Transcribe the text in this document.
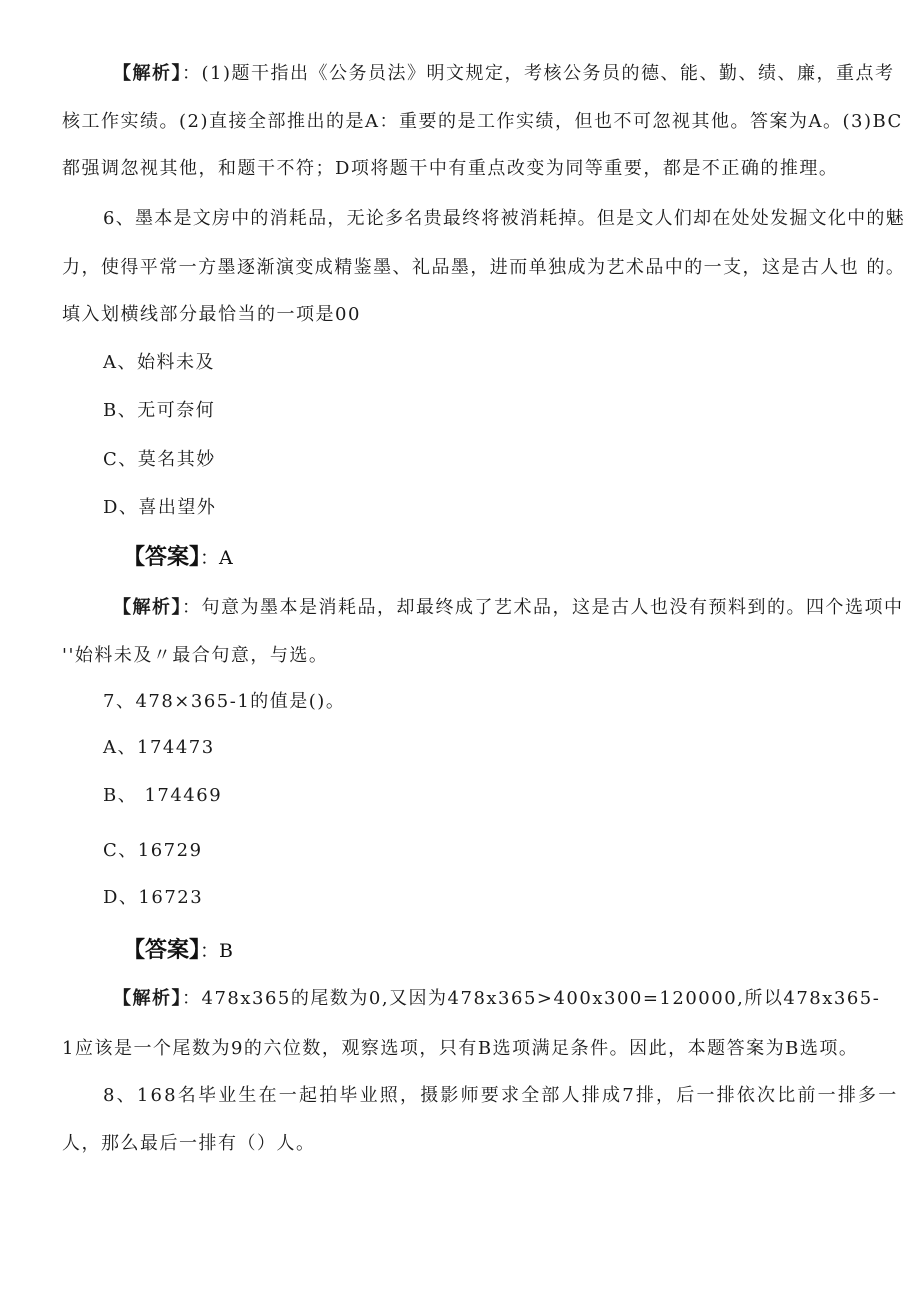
【解析】：(1)题干指出《公务员法》明文规定，考核公务员的德、能、勤、绩、廉，重点考
核工作实绩。(2)直接全部推出的是A：重要的是工作实绩，但也不可忽视其他。答案为A。(3)BC
都强调忽视其他，和题干不符；D项将题干中有重点改变为同等重要，都是不正确的推理。
6、墨本是文房中的消耗品，无论多名贵最终将被消耗掉。但是文人们却在处处发掘文化中的魅
力，使得平常一方墨逐渐演变成精鉴墨、礼品墨，进而单独成为艺术品中的一支，这是古人也 的。
填入划横线部分最恰当的一项是00
A、始料未及
B、无可奈何
C、莫名其妙
D、喜出望外
【答案】：A
【解析】：句意为墨本是消耗品，却最终成了艺术品，这是古人也没有预料到的。四个选项中
''始料未及〃最合句意，与选。
7、478×365-1的值是()。
A、174473
B、 174469
C、16729
D、16723
【答案】：B
【解析】：478x365的尾数为0,又因为478x365>400x300=120000,所以478x365-
1应该是一个尾数为9的六位数，观察选项，只有B选项满足条件。因此，本题答案为B选项。
8、168名毕业生在一起拍毕业照，摄影师要求全部人排成7排，后一排依次比前一排多一
人，那么最后一排有（）人。
